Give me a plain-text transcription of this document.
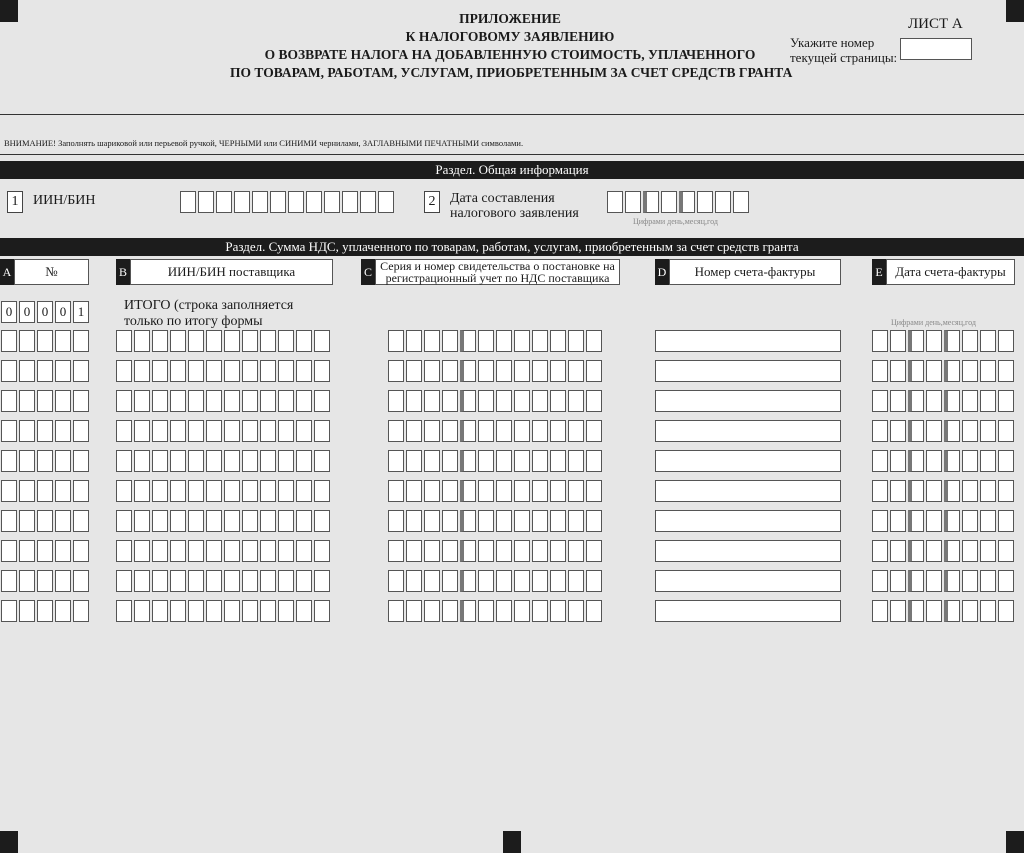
ПРИЛОЖЕНИЕ
К НАЛОГОВОМУ ЗАЯВЛЕНИЮ
О ВОЗВРАТЕ НАЛОГА НА ДОБАВЛЕННУЮ СТОИМОСТЬ, УПЛАЧЕННОГО
ПО ТОВАРАМ, РАБОТАМ, УСЛУГАМ, ПРИОБРЕТЕННЫМ ЗА СЧЕТ СРЕДСТВ ГРАНТА
ЛИСТ А
Укажите номер
текущей страницы:
ВНИМАНИЕ! Заполнять шариковой или перьевой ручкой, ЧЕРНЫМИ или СИНИМИ чернилами, ЗАГЛАВНЫМИ ПЕЧАТНЫМИ символами.
Раздел. Общая информация
1	ИИН/БИН	2	Дата составления
налогового заявления
Цифрами день,месяц,год
Раздел. Сумма НДС, уплаченного по товарам, работам, услугам, приобретенным за счет средств гранта
A	№	B	ИИН/БИН поставщика	C Серия и номер свидетельства о постановке на
регистрационный учет по НДС поставщика	D	Номер счета-фактуры	E Дата счета-фактуры
0 0 0 0 1	ИТОГО (строка заполняется
только по итогу формы	Цифрами день,месяц,год
